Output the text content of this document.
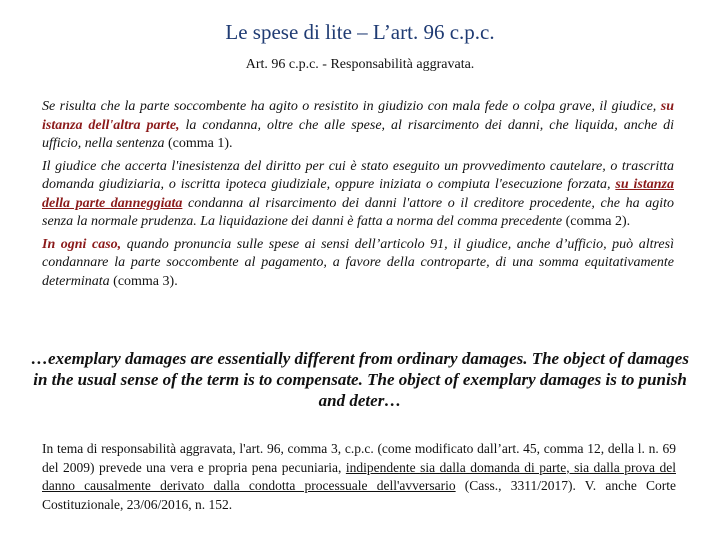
Le spese di lite – L’art. 96 c.p.c.
Art. 96 c.p.c. - Responsabilità aggravata.

Se risulta che la parte soccombente ha agito o resistito in giudizio con mala fede o colpa grave, il giudice, su istanza dell'altra parte, la condanna, oltre che alle spese, al risarcimento dei danni, che liquida, anche di ufficio, nella sentenza (comma 1).

Il giudice che accerta l'inesistenza del diritto per cui è stato eseguito un provvedimento cautelare, o trascritta domanda giudiziaria, o iscritta ipoteca giudiziale, oppure iniziata o compiuta l'esecuzione forzata, su istanza della parte danneggiata condanna al risarcimento dei danni l'attore o il creditore procedente, che ha agito senza la normale prudenza. La liquidazione dei danni è fatta a norma del comma precedente (comma 2).

In ogni caso, quando pronuncia sulle spese ai sensi dell’articolo 91, il giudice, anche d’ufficio, può altresì condannare la parte soccombente al pagamento, a favore della controparte, di una somma equitativamente determinata (comma 3).

…exemplary damages are essentially different from ordinary damages. The object of damages in the usual sense of the term is to compensate. The object of exemplary damages is to punish and deter…
In tema di responsabilità aggravata, l'art. 96, comma 3, c.p.c. (come modificato dall’art. 45, comma 12, della l. n. 69 del 2009) prevede una vera e propria pena pecuniaria, indipendente sia dalla domanda di parte, sia dalla prova del danno causalmente derivato dalla condotta processuale dell'avversario (Cass., 3311/2017). V. anche Corte Costituzionale, 23/06/2016, n. 152.
